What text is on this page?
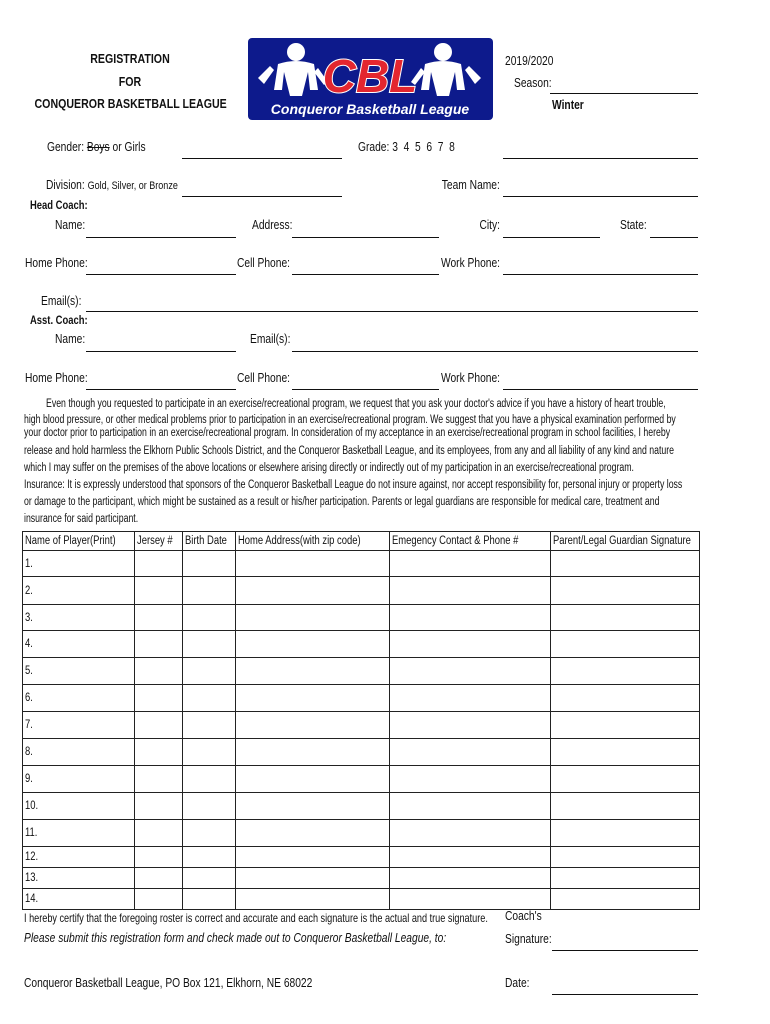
REGISTRATION
FOR
CONQUEROR BASKETBALL LEAGUE
CBL
Conqueror Basketball League
2019/2020
Season:
Winter
Gender: Boys or Girls	Grade: 3  4  5  6  7  8
Division: Gold, Silver, or Bronze	Team Name:
Head Coach:
Name:	Address:	City:	State:
Home Phone:	Cell Phone:	Work Phone:
Email(s):
Asst. Coach:
Name:	Email(s):
Home Phone:	Cell Phone:	Work Phone:
Even though you requested to participate in an exercise/recreational program, we request that you ask your doctor's advice if you have a history of heart trouble,
high blood pressure, or other medical problems prior to participation in an exercise/recreational program. We suggest that you have a physical examination performed by
your doctor prior to participation in an exercise/recreational program. In consideration of my acceptance in an exercise/recreational program in school facilities, I hereby
release and hold harmless the Elkhorn Public Schools District, and the Conqueror Basketball League, and its employees, from any and all liability of any kind and nature
which I may suffer on the premises of the above locations or elsewhere arising directly or indirectly out of my participation in an exercise/recreational program.
Insurance: It is expressly understood that sponsors of the Conqueror Basketball League do not insure against, nor accept responsibility for, personal injury or property loss
or damage to the participant, which might be sustained as a result or his/her participation. Parents or legal guardians are responsible for medical care, treatment and
insurance for said participant.
Name of Player(Print)	Jersey #	Birth Date	Home Address(with zip code)	Emegency Contact & Phone #	Parent/Legal Guardian Signature
1.					
2.					
3.					
4.					
5.					
6.					
7.					
8.					
9.					
10.					
11.					
12.					
13.					
14.					
I hereby certify that the foregoing roster is correct and accurate and each signature is the actual and true signature. Coach's
Please submit this registration form and check made out to Conqueror Basketball League, to:	Signature:
Conqueror Basketball League, PO Box 121, Elkhorn, NE 68022	Date:
